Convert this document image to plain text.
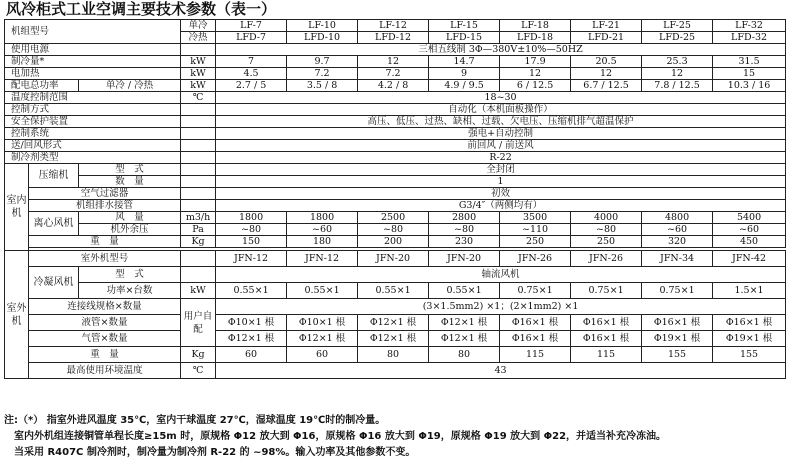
风冷柜式工业空调主要技术参数（表一）
机组型号			单冷	LF-7	LF-10	LF-12	LF-15	LF-18	LF-21	LF-25	LF-32
			冷热	LFD-7	LFD-10	LFD-12	LFD-15	LFD-18	LFD-21	LFD-25	LFD-32
使用电源				三相五线制 3Φ—380V±10%—50HZ							
制冷量*			kW	7	9.7	12	14.7	17.9	20.5	25.3	31.5
电加热			kW	4.5	7.2	7.2	9	12	12	12	15
配电总功率		单冷 / 冷热	kW	2.7 / 5	3.5 / 8	4.2 / 8	4.9 / 9.5	6 / 12.5	6.7 / 12.5	7.8 / 12.5	10.3 / 16
温度控制范围			℃	18~30							
控制方式				自动化（本机面板操作）							
安全保护装置				高压、低压、过热、缺相、过载、欠电压、压缩机排气超温保护							
控制系统				强电+自动控制							
送/回风形式				前回风 / 前送风							
制冷剂类型				R-22							
室内机	压缩机	型　式		全封闭							
		数　量		1							
	空气过滤器			初效							
	机组排水接管			G3/4″（两侧均有）							
	离心风机	风　量	m3/h	1800	1800	2500	2800	3500	4000	4800	5400
		机外余压	Pa	~80	~60	~80	~80	~110	~80	~60	~60
	重　量		Kg	150	180	200	230	250	250	320	450

室外机	室外机型号			JFN-12	JFN-12	JFN-20	JFN-20	JFN-26	JFN-26	JFN-34	JFN-42
	冷凝风机	型　式		轴流风机							
		功率×台数	kW	0.55×1	0.55×1	0.55×1	0.55×1	0.75×1	0.75×1	0.75×1	1.5×1

	连接线规格×数量		用户自配	(3×1.5mm2) ×1；(2×1mm2) ×1							
	液管×数量			Φ10×1 根	Φ10×1 根	Φ12×1 根	Φ12×1 根	Φ16×1 根	Φ16×1 根	Φ16×1 根	Φ16×1 根
	气管×数量			Φ12×1 根	Φ12×1 根	Φ12×1 根	Φ12×1 根	Φ16×1 根	Φ16×1 根	Φ19×1 根	Φ19×1 根
	重　量		Kg	60	60	80	80	115	115	155	155
	最高使用环境温度		℃	43							
注:（*） 指室外进风温度 35℃，室内干球温度 27℃，湿球温度 19℃时的制冷量。
　室内外机组连接铜管单程长度≥15m 时，原规格 Φ12 放大到 Φ16，原规格 Φ16 放大到 Φ19，原规格 Φ19 放大到 Φ22，并适当补充冷冻油。
　当采用 R407C 制冷剂时，制冷量为制冷剂 R-22 的 ~98%。输入功率及其他参数不变。
